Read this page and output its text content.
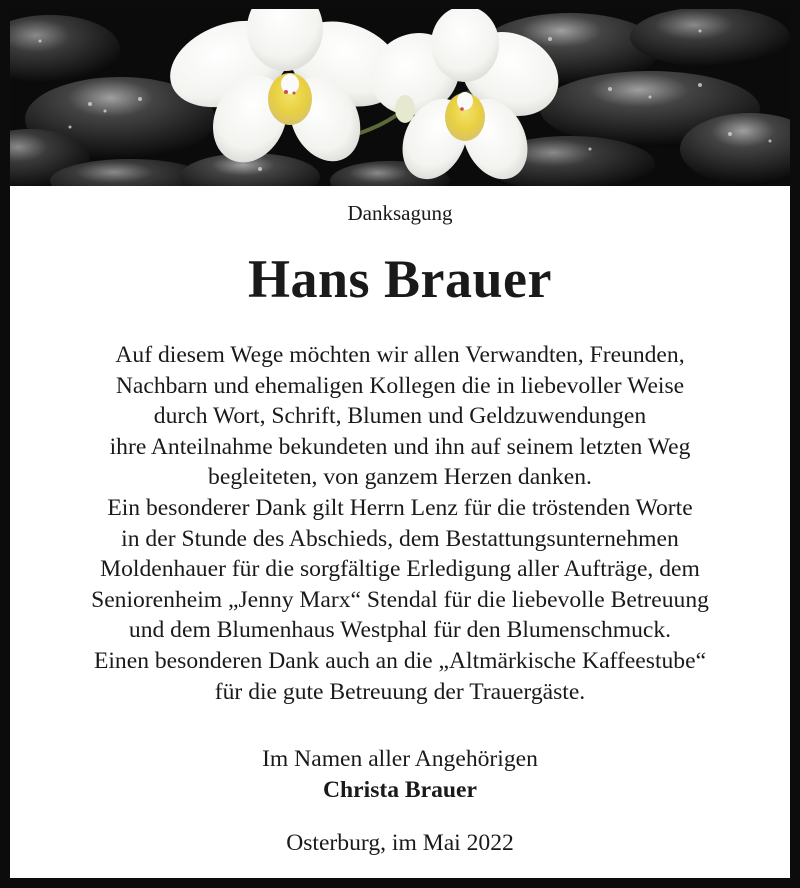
Danksagung
Hans Brauer
Auf diesem Wege möchten wir allen Verwandten, Freunden,
Nachbarn und ehemaligen Kollegen die in liebevoller Weise
durch Wort, Schrift, Blumen und Geldzuwendungen
ihre Anteilnahme bekundeten und ihn auf seinem letzten Weg
begleiteten, von ganzem Herzen danken.
Ein besonderer Dank gilt Herrn Lenz für die tröstenden Worte
in der Stunde des Abschieds, dem Bestattungsunternehmen
Moldenhauer für die sorgfältige Erledigung aller Aufträge, dem
Seniorenheim „Jenny Marx“ Stendal für die liebevolle Betreuung
und dem Blumenhaus Westphal für den Blumenschmuck.
Einen besonderen Dank auch an die „Altmärkische Kaffeestube“
für die gute Betreuung der Trauergäste.
Im Namen aller Angehörigen
Christa Brauer
Osterburg, im Mai 2022
